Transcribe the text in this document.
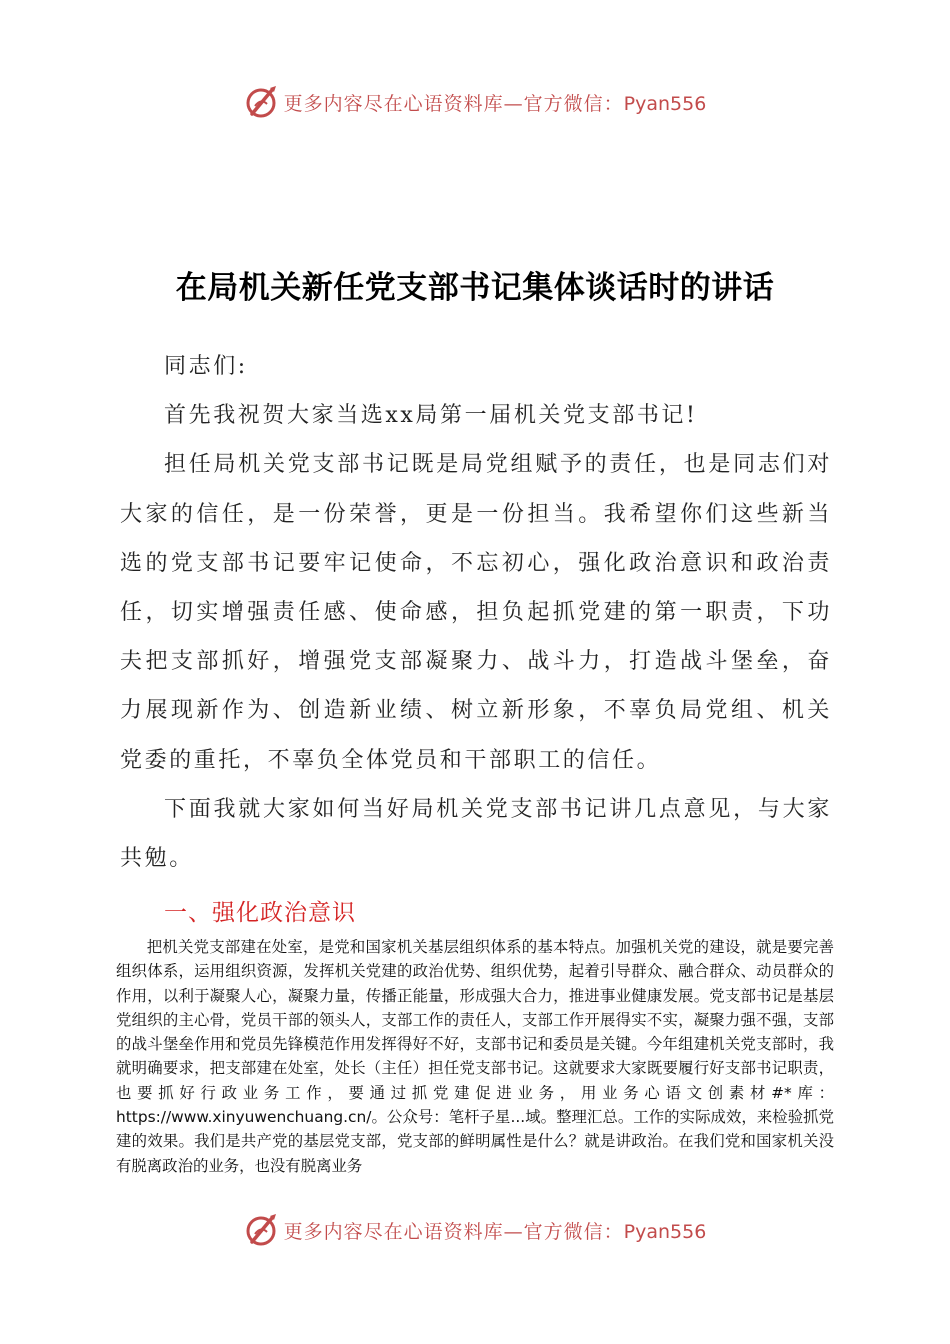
更多内容尽在心语资料库—官方微信：Pyan556
在局机关新任党支部书记集体谈话时的讲话

同志们:

首先我祝贺大家当选xx局第一届机关党支部书记!

担任局机关党支部书记既是局党组赋予的责任，也是同志们对大家的信任，是一份荣誉，更是一份担当。我希望你们这些新当选的党支部书记要牢记使命，不忘初心，强化政治意识和政治责任，切实增强责任感、使命感，担负起抓党建的第一职责，下功夫把支部抓好，增强党支部凝聚力、战斗力，打造战斗堡垒，奋力展现新作为、创造新业绩、树立新形象，不辜负局党组、机关党委的重托，不辜负全体党员和干部职工的信任。

下面我就大家如何当好局机关党支部书记讲几点意见，与大家共勉。

一、强化政治意识

把机关党支部建在处室，是党和国家机关基层组织体系的基本特点。加强机关党的建设，就是要完善组织体系，运用组织资源，发挥机关党建的政治优势、组织优势，起着引导群众、融合群众、动员群众的作用，以利于凝聚人心，凝聚力量，传播正能量，形成强大合力，推进事业健康发展。党支部书记是基层党组织的主心骨，党员干部的领头人，支部工作的责任人，支部工作开展得实不实，凝聚力强不强，支部的战斗堡垒作用和党员先锋模范作用发挥得好不好，支部书记和委员是关键。今年组建机关党支部时，我就明确要求，把支部建在处室，处长（主任）担任党支部书记。这就要求大家既要履行好支部书记职责，也要抓好行政业务工作，要通过抓党建促进业务，用业务心语文创素材#*库：https://www.xinyuwenchuang.cn/。公众号：笔杆子星...域。整理汇总。工作的实际成效，来检验抓党建的效果。我们是共产党的基层党支部，党支部的鲜明属性是什么？就是讲政治。在我们党和国家机关没有脱离政治的业务，也没有脱离业务

更多内容尽在心语资料库—官方微信：Pyan556
